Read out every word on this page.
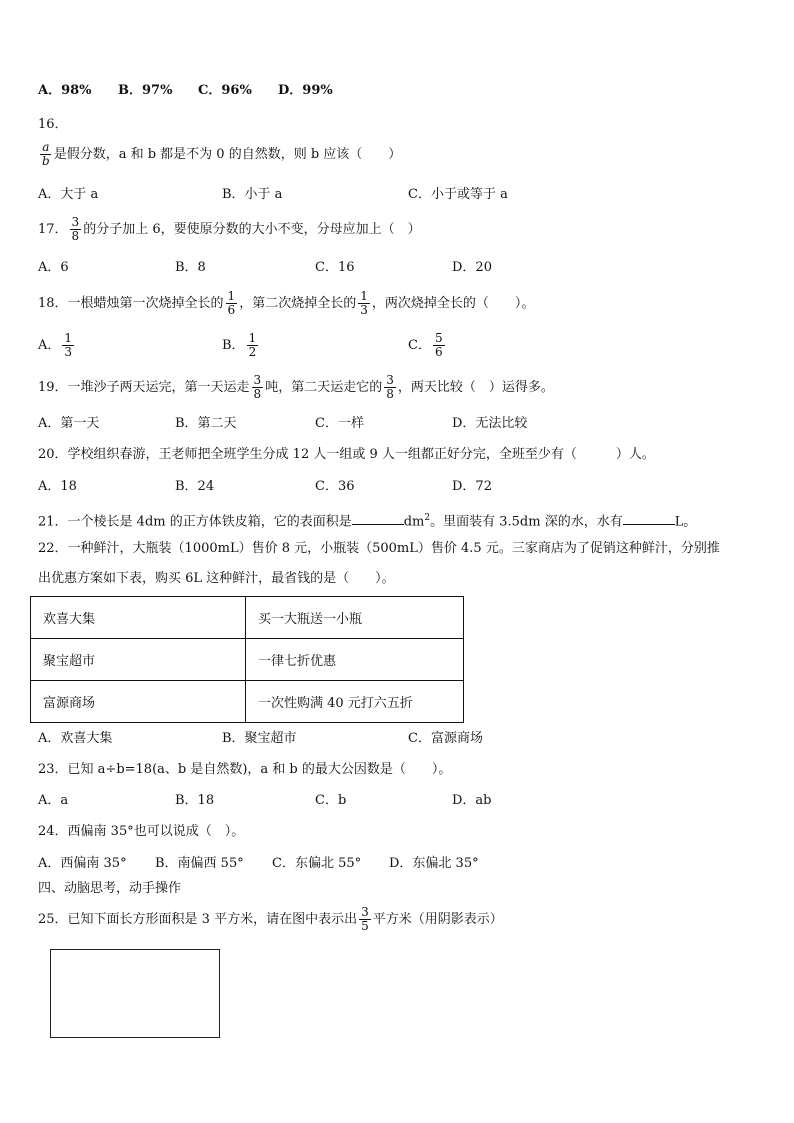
A．98% B．97% C．96% D．99%
16．
$\frac{a}{b}$ 是假分数，a 和 b 都是不为 0 的自然数，则 b 应该（　　）
A．大于 a	B．小于 a	C．小于或等于 a
17． $\frac{3}{8}$ 的分子加上 6，要使原分数的大小不变，分母应加上（　）
A．6	B．8	C．16	D．20
18．一根蜡烛第一次烧掉全长的 $\frac{1}{6}$ ，第二次烧掉全长的 $\frac{1}{3}$ ，两次烧掉全长的（　　）。
A． $\frac{1}{3}$	B． $\frac{1}{2}$	C． $\frac{5}{6}$
19．一堆沙子两天运完，第一天运走 $\frac{3}{8}$ 吨，第二天运走它的 $\frac{3}{8}$ ，两天比较（　）运得多。
A．第一天	B．第二天	C．一样	D．无法比较
20．学校组织春游，王老师把全班学生分成 12 人一组或 9 人一组都正好分完，全班至少有（　　　）人。
A．18	B．24	C．36	D．72
21．一个棱长是 4dm 的正方体铁皮箱，它的表面积是	$dm^2$。里面装有 3.5dm 深的水，水有	L。
22．一种鲜汁，大瓶装（1000mL）售价 8 元，小瓶装（500mL）售价 4.5 元。三家商店为了促销这种鲜汁，分别推
出优惠方案如下表，购买 6L 这种鲜汁，最省钱的是（　　）。
欢喜大集	买一大瓶送一小瓶
聚宝超市	一律七折优惠
富源商场	一次性购满 40 元打六五折
A．欢喜大集	B．聚宝超市	C．富源商场
23．已知 a÷b=18(a、b 是自然数)，a 和 b 的最大公因数是（　　）。
A．a	B．18	C．b	D．ab
24．西偏南 35°也可以说成（　）。
A．西偏南 35° B．南偏西 55° C．东偏北 55° D．东偏北 35°
四、动脑思考，动手操作
25．已知下面长方形面积是 3 平方米，请在图中表示出 $\frac{3}{5}$ 平方米（用阴影表示）
